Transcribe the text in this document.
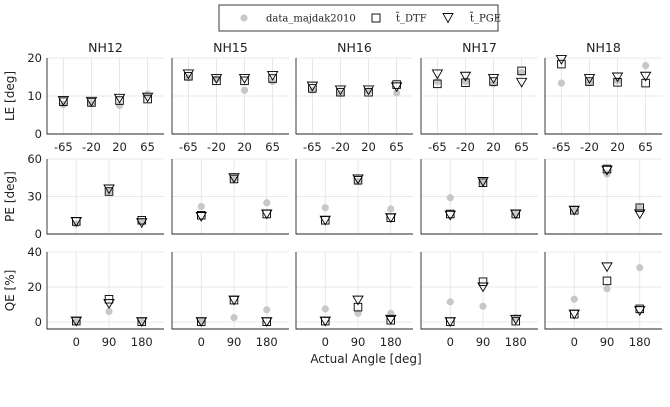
data_majdak2010	t̃_DTF	t̃_PGE
LE [deg]
0
10
20
NH12
-65 -20 20 65
NH15
-65 -20 20 65
NH16
-65 -20 20 65
NH17
-65 -20 20 65
NH18
-65 -20 20 65
PE [deg]
0
30
60
QE [%]
0
20
40
0 90 180	0 90 180	0 90 180	0 90 180	0 90 180
Actual Angle [deg]
